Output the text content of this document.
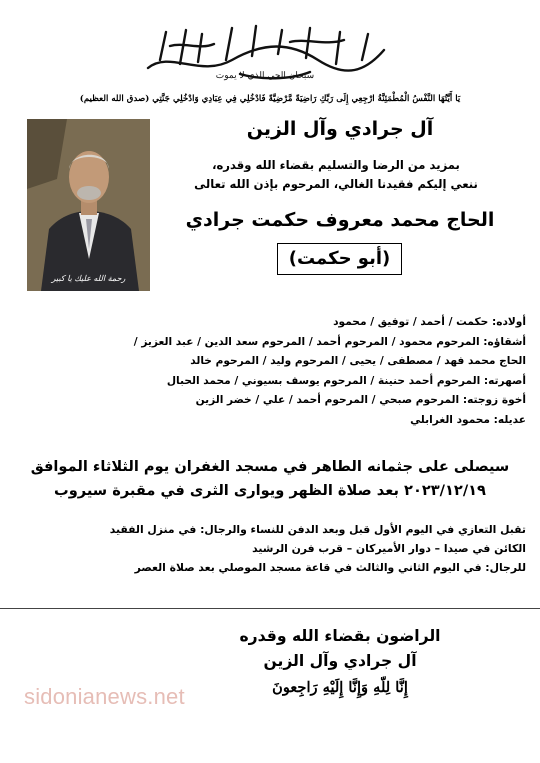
سبحان الحي الذي لا يموت
يَا أَيَّتُهَا النَّفْسُ الْمُطْمَئِنَّةُ ارْجِعِي إِلَى رَبِّكِ رَاضِيَةً مَّرْضِيَّةً فَادْخُلِي فِي عِبَادِي وَادْخُلِي جَنَّتِي (صدق الله العظيم)
رحمة الله عليك يا كبير
آل جرادي وآل الزين
بمزيد من الرضا والتسليم بقضاء الله وقدره،
ننعي إليكم فقيدنا الغالي، المرحوم بإذن الله تعالى
الحاج محمد معروف حكمت جرادي
(أبو حكمت)
أولاده: حكمت / أحمد / توفيق / محمود
أشقاؤه: المرحوم محمود / المرحوم أحمد / المرحوم سعد الدين / عبد العزيز /
الحاج محمد فهد / مصطفى / يحيى / المرحوم وليد / المرحوم خالد
أصهرته: المرحوم أحمد حنينة / المرحوم يوسف بسيوني / محمد الحبال
أخوة زوجته: المرحوم صبحي / المرحوم أحمد / علي / خضر الزين
عديله: محمود الغرابلي
سيصلى على جثمانه الطاهر في مسجد الغفران يوم الثلاثاء الموافق
٢٠٢٣/١٢/١٩ بعد صلاة الظهر ويوارى الثرى في مقبرة سيروب
تقبل التعازي في اليوم الأول قبل وبعد الدفن للنساء والرجال: في منزل الفقيد
الكائن في صيدا – دوار الأميركان – قرب فرن الرشيد
للرجال: في اليوم الثاني والثالث في قاعة مسجد الموصلي بعد صلاة العصر
الراضون بقضاء الله وقدره
آل جرادي وآل الزين
إِنَّا لِلّهِ وَإِنَّا إِلَيْهِ رَاجِعونَ
sidonianews.net
